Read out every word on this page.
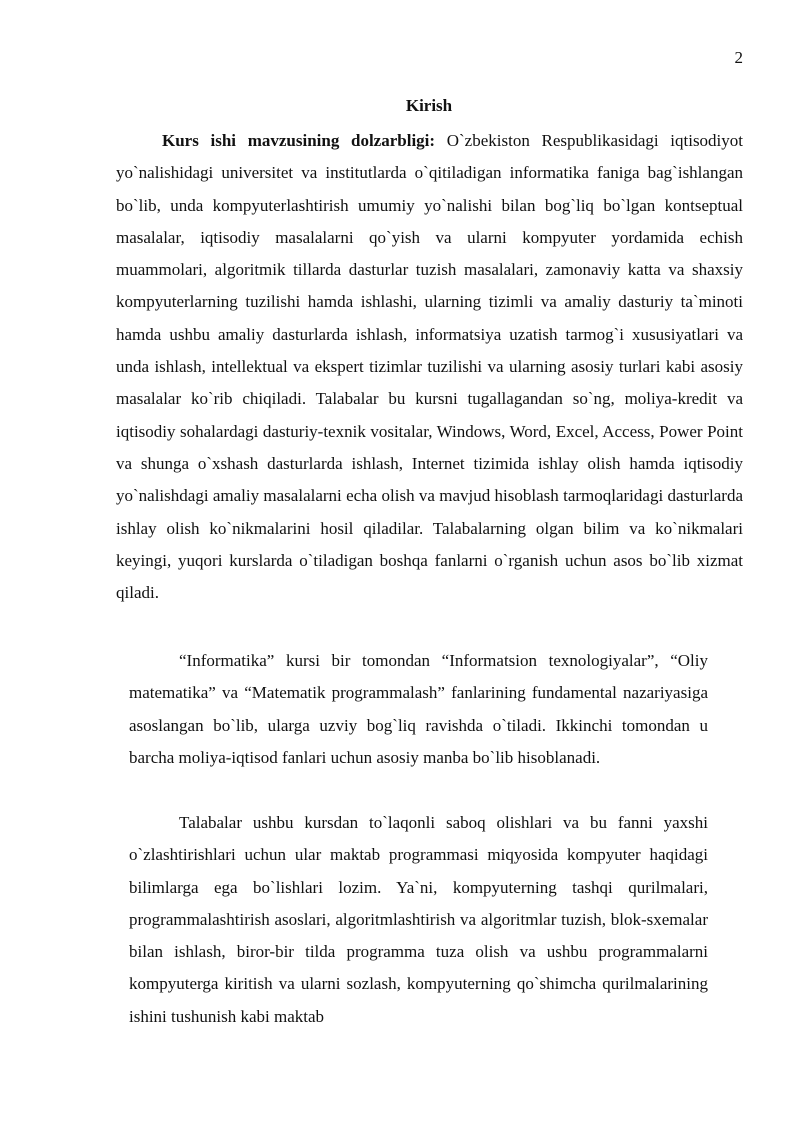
2
Kirish

Kurs ishi mavzusining dolzarbligi: O`zbekiston Respublikasidagi iqtisodiyot yo`nalishidagi universitet va institutlarda o`qitiladigan informatika faniga bag`ishlangan bo`lib, unda kompyuterlashtirish umumiy yo`nalishi bilan bog`liq bo`lgan kontseptual masalalar, iqtisodiy masalalarni qo`yish va ularni kompyuter yordamida echish muammolari, algoritmik tillarda dasturlar tuzish masalalari, zamonaviy katta va shaxsiy kompyuterlarning tuzilishi hamda ishlashi, ularning tizimli va amaliy dasturiy ta`minoti hamda ushbu amaliy dasturlarda ishlash, informatsiya uzatish tarmog`i xususiyatlari va unda ishlash, intellektual va ekspert tizimlar tuzilishi va ularning asosiy turlari kabi asosiy masalalar ko`rib chiqiladi. Talabalar bu kursni tugallagandan so`ng, moliya-kredit va iqtisodiy sohalardagi dasturiy-texnik vositalar, Windows, Word, Excel, Access, Power Point va shunga o`xshash dasturlarda ishlash, Internet tizimida ishlay olish hamda iqtisodiy yo`nalishdagi amaliy masalalarni echa olish va mavjud hisoblash tarmoqlaridagi dasturlarda ishlay olish ko`nikmalarini hosil qiladilar. Talabalarning olgan bilim va ko`nikmalari keyingi, yuqori kurslarda o`tiladigan boshqa fanlarni o`rganish uchun asos bo`lib xizmat qiladi.

“Informatika” kursi bir tomondan “Informatsion texnologiyalar”, “Oliy matematika” va “Matematik programmalash” fanlarining fundamental nazariyasiga asoslangan bo`lib, ularga uzviy bog`liq ravishda o`tiladi. Ikkinchi tomondan u barcha moliya-iqtisod fanlari uchun asosiy manba bo`lib hisoblanadi.

Talabalar ushbu kursdan to`laqonli saboq olishlari va bu fanni yaxshi o`zlashtirishlari uchun ular maktab programmasi miqyosida kompyuter haqidagi bilimlarga ega bo`lishlari lozim. Ya`ni, kompyuterning tashqi qurilmalari, programmalashtirish asoslari, algoritmlashtirish va algoritmlar tuzish, blok-sxemalar bilan ishlash, biror-bir tilda programma tuza olish va ushbu programmalarni kompyuterga kiritish va ularni sozlash, kompyuterning qo`shimcha qurilmalarining ishini tushunish kabi maktab
